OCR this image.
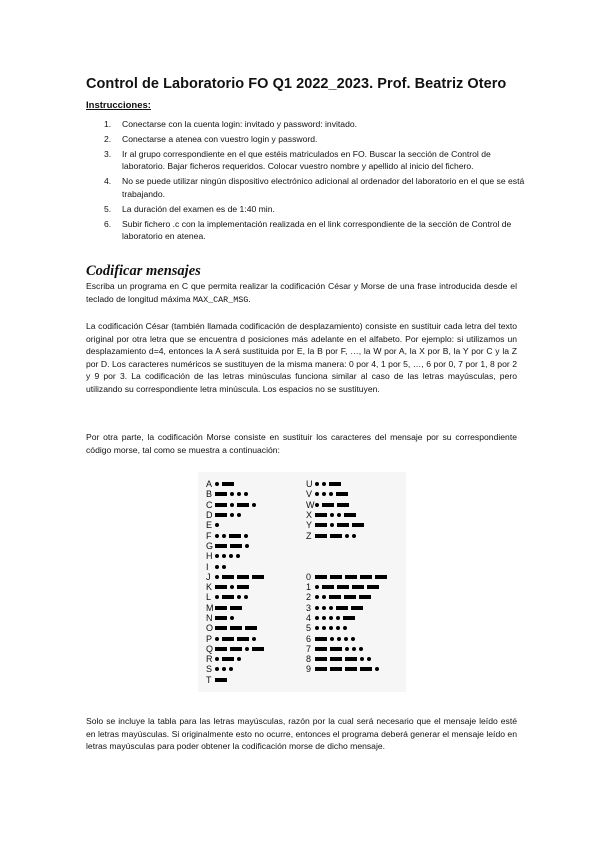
Control de Laboratorio FO Q1 2022_2023. Prof. Beatriz Otero
Instrucciones:
1. Conectarse con la cuenta login: invitado y password: invitado.
2. Conectarse a atenea con vuestro login y password.
3. Ir al grupo correspondiente en el que estéis matriculados en FO. Buscar la sección de Control de laboratorio. Bajar ficheros requeridos. Colocar vuestro nombre y apellido al inicio del fichero.
4. No se puede utilizar ningún dispositivo electrónico adicional al ordenador del laboratorio en el que se está trabajando.
5. La duración del examen es de 1:40 min.
6. Subir fichero .c con la implementación realizada en el link correspondiente de la sección de Control de laboratorio en atenea.
Codificar mensajes

Escriba un programa en C que permita realizar la codificación César y Morse de una frase introducida desde el teclado de longitud máxima MAX_CAR_MSG.

La codificación César (también llamada codificación de desplazamiento) consiste en sustituir cada letra del texto original por otra letra que se encuentra d posiciones más adelante en el alfabeto. Por ejemplo: si utilizamos un desplazamiento d=4, entonces la A será sustituida por E, la B por F, …, la W por A, la X por B, la Y por C y la Z por D. Los caracteres numéricos se sustituyen de la misma manera: 0 por 4, 1 por 5, …, 6 por 0, 7 por 1, 8 por 2 y 9 por 3. La codificación de las letras minúsculas funciona similar al caso de las letras mayúsculas, pero utilizando su correspondiente letra minúscula. Los espacios no se sustituyen.

Por otra parte, la codificación Morse consiste en sustituir los caracteres del mensaje por su correspondiente código morse, tal como se muestra a continuación:

A
B
C
D
E
F
G
H
I
J
K
L
M
N
O
P
Q
R
S
T
U
V
W
X
Y
Z
0
1
2
3
4
5
6
7
8
9

Solo se incluye la tabla para las letras mayúsculas, razón por la cual será necesario que el mensaje leído esté en letras mayúsculas. Si originalmente esto no ocurre, entonces el programa deberá generar el mensaje leído en letras mayúsculas para poder obtener la codificación morse de dicho mensaje.
